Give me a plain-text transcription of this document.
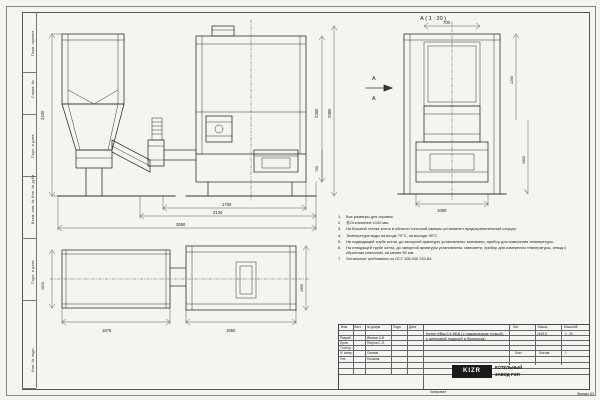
Перв. примен.
Справ. №
Подп. и дата
Взам. инв. № Инв. № дубл.
Подп. и дата
Инв. № подл.
2430	2280 2380
700
1700
2130
3550
700
2200
1950
1080
1625	1955
1675	1650
А ( 1 : 20 )
А
А
1.	Все размеры для справок.
2.	基Отклонение ±100 мм.
3.	На боковой стенке котла в области топочной камеры установлен предохранительный штуцер.
4.	Температура воды на входе 70°С, на выходе 95°С.
5.	На подводящей трубе котла, до запорной арматуры установлены: манометр, прибор для измерения температуры.
6.	На отводящей трубе котла, до запорной арматуры установлены: манометр, прибор для измерения температуры, отвод с обратным клапаном, на менее 50 мм.
7.	Остальные требования по ОСТ 108 030.133-84.
Изм. Лист № докум.	Подп. Дата
Разраб.	Иванов А.В.
Пров.	Петров С.Н.
Т.контр.
Н. контр.	Осипов
Утв.	Носиков
Котел КВм-0,6 КБД (с радиальным топкой), с шнековой подачей и бункером)
Лит.	Масса	Масштаб
2169,5	1 : 20
Лист	Листов	1
KIZR
КОТЕЛЬНЫЙ
ЗАВОД РЭП
Копировал	Формат А3
